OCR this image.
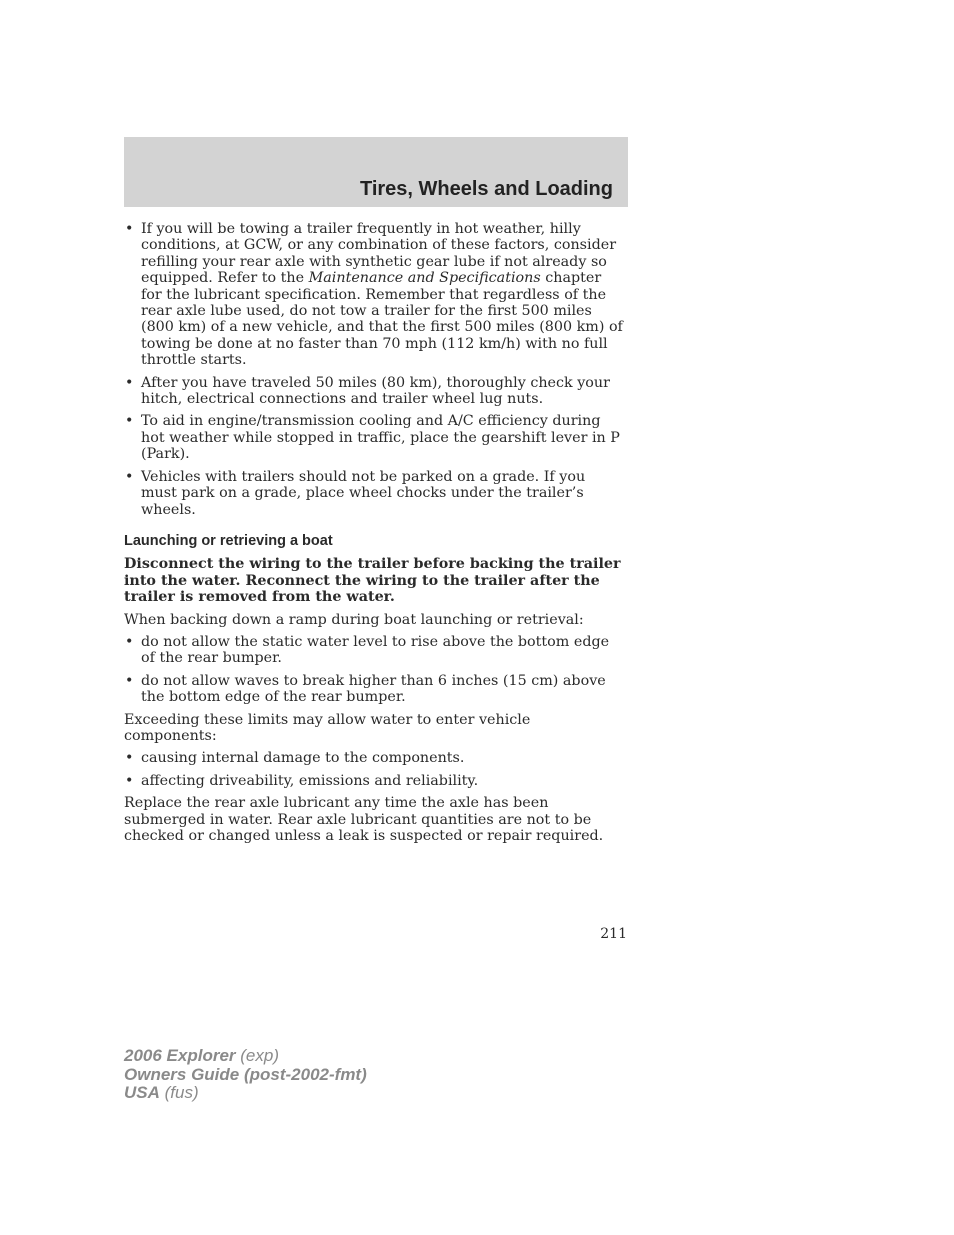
Tires, Wheels and Loading
• If you will be towing a trailer frequently in hot weather, hilly conditions, at GCW, or any combination of these factors, consider refilling your rear axle with synthetic gear lube if not already so equipped. Refer to the Maintenance and Specifications chapter for the lubricant specification. Remember that regardless of the rear axle lube used, do not tow a trailer for the first 500 miles (800 km) of a new vehicle, and that the first 500 miles (800 km) of towing be done at no faster than 70 mph (112 km/h) with no full throttle starts.
• After you have traveled 50 miles (80 km), thoroughly check your hitch, electrical connections and trailer wheel lug nuts.
• To aid in engine/transmission cooling and A/C efficiency during hot weather while stopped in traffic, place the gearshift lever in P (Park).
• Vehicles with trailers should not be parked on a grade. If you must park on a grade, place wheel chocks under the trailer’s wheels.
Launching or retrieving a boat

Disconnect the wiring to the trailer before backing the trailer into the water. Reconnect the wiring to the trailer after the trailer is removed from the water.

When backing down a ramp during boat launching or retrieval:

• do not allow the static water level to rise above the bottom edge of the rear bumper.
• do not allow waves to break higher than 6 inches (15 cm) above the bottom edge of the rear bumper.

Exceeding these limits may allow water to enter vehicle components:

• causing internal damage to the components.
• affecting driveability, emissions and reliability.

Replace the rear axle lubricant any time the axle has been submerged in water. Rear axle lubricant quantities are not to be checked or changed unless a leak is suspected or repair required.

211
2006 Explorer (exp)
Owners Guide (post-2002-fmt)
USA (fus)
